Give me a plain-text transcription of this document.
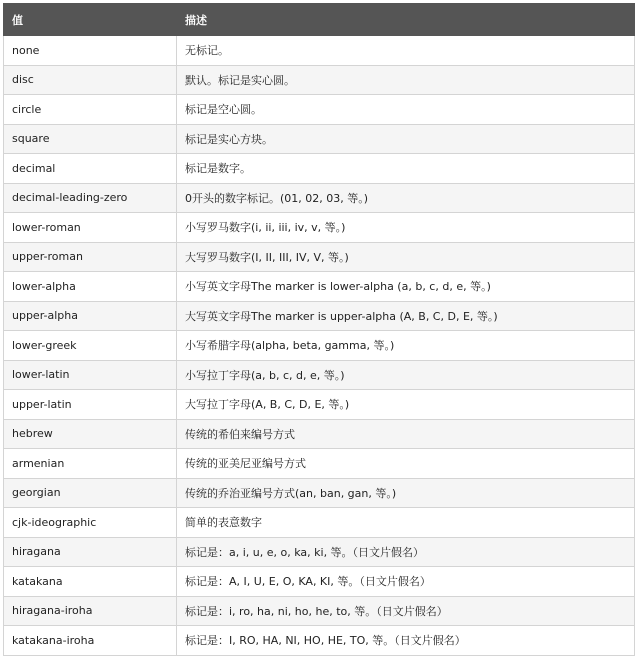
值	描述
none	无标记。
disc	默认。标记是实心圆。
circle	标记是空心圆。
square	标记是实心方块。
decimal	标记是数字。
decimal-leading-zero	0开头的数字标记。(01, 02, 03, 等。)
lower-roman	小写罗马数字(i, ii, iii, iv, v, 等。)
upper-roman	大写罗马数字(I, II, III, IV, V, 等。)
lower-alpha	小写英文字母The marker is lower-alpha (a, b, c, d, e, 等。)
upper-alpha	大写英文字母The marker is upper-alpha (A, B, C, D, E, 等。)
lower-greek	小写希腊字母(alpha, beta, gamma, 等。)
lower-latin	小写拉丁字母(a, b, c, d, e, 等。)
upper-latin	大写拉丁字母(A, B, C, D, E, 等。)
hebrew	传统的希伯来编号方式
armenian	传统的亚美尼亚编号方式
georgian	传统的乔治亚编号方式(an, ban, gan, 等。)
cjk-ideographic	简单的表意数字
hiragana	标记是：a, i, u, e, o, ka, ki, 等。（日文片假名）
katakana	标记是：A, I, U, E, O, KA, KI, 等。（日文片假名）
hiragana-iroha	标记是：i, ro, ha, ni, ho, he, to, 等。（日文片假名）
katakana-iroha	标记是：I, RO, HA, NI, HO, HE, TO, 等。（日文片假名）
